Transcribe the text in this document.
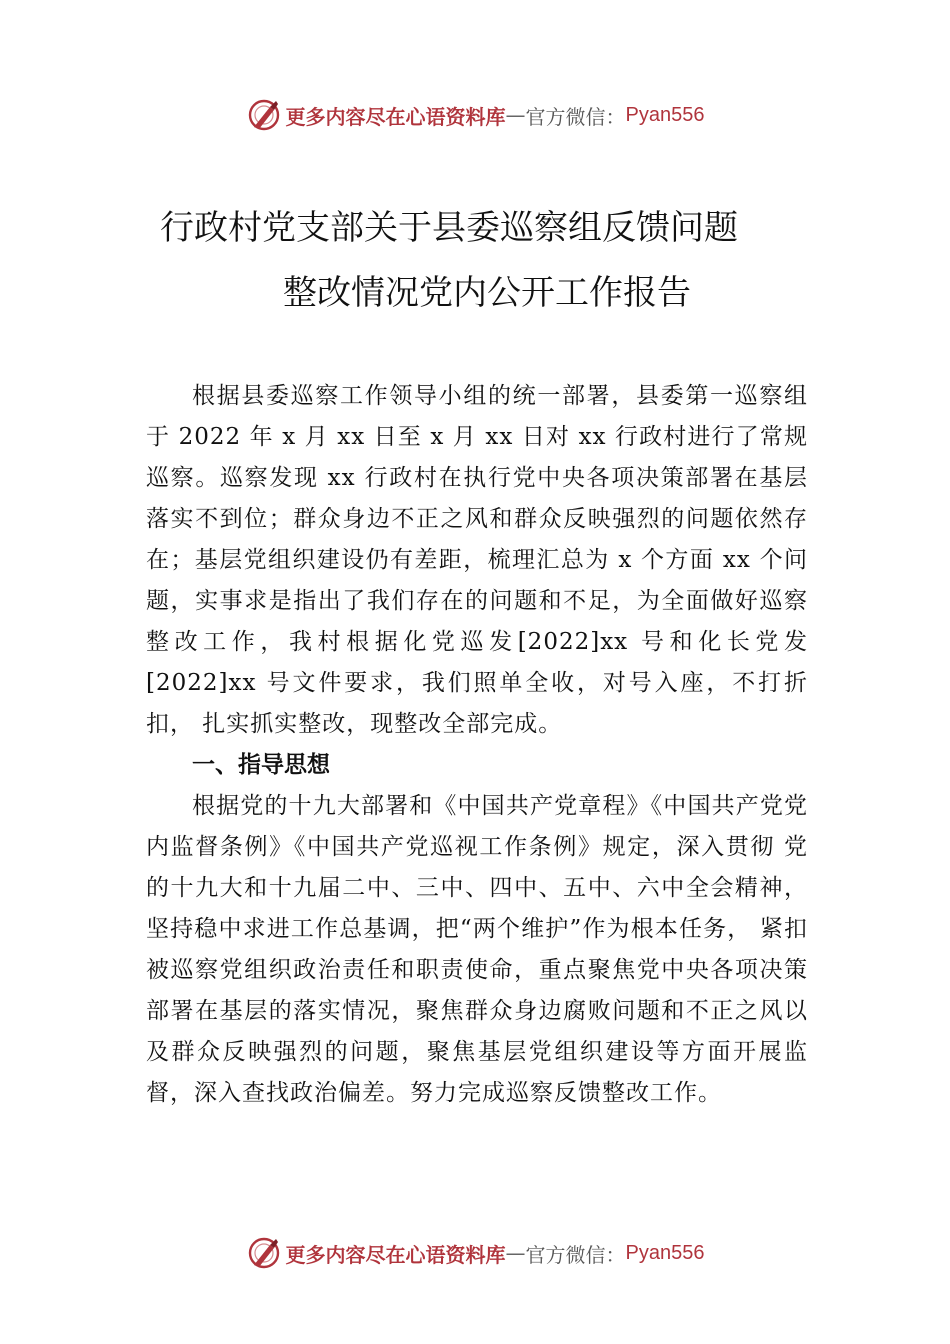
更多内容尽在心语资料库 — 官方微信： Pyan556
行政村党支部关于县委巡察组反馈问题
整改情况党内公开工作报告

根据县委巡察工作领导小组的统一部署，县委第一巡察组于 2022 年 x 月 xx 日至 x 月 xx 日对 xx 行政村进行了常规巡察。巡察发现 xx 行政村在执行党中央各项决策部署在基层落实不到位；群众身边不正之风和群众反映强烈的问题依然存在；基层党组织建设仍有差距，梳理汇总为 x 个方面 xx 个问题，实事求是指出了我们存在的问题和不足，为全面做好巡察整改工作，我村根据化党巡发[2022]xx 号和化长党发[2022]xx 号文件要求，我们照单全收，对号入座，不打折扣， 扎实抓实整改，现整改全部完成。

一、指导思想

根据党的十九大部署和《中国共产党章程》《中国共产党党内监督条例》《中国共产党巡视工作条例》规定，深入贯彻 党的十九大和十九届二中、三中、四中、五中、六中全会精神，坚持稳中求进工作总基调，把“两个维护”作为根本任务， 紧扣被巡察党组织政治责任和职责使命，重点聚焦党中央各项决策部署在基层的落实情况，聚焦群众身边腐败问题和不正之风以及群众反映强烈的问题，聚焦基层党组织建设等方面开展监督，深入查找政治偏差。努力完成巡察反馈整改工作。

更多内容尽在心语资料库 — 官方微信： Pyan556
